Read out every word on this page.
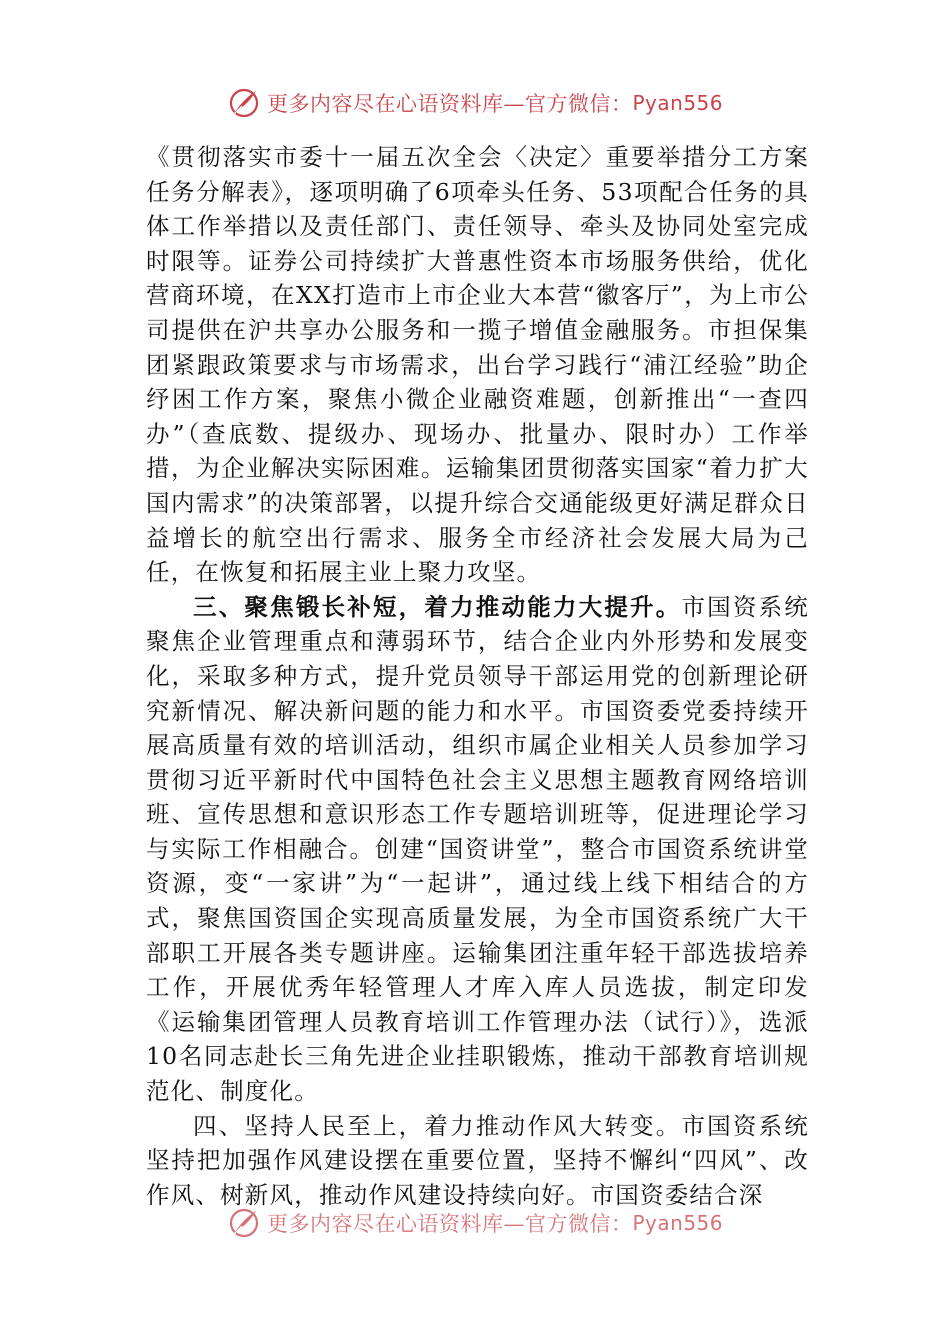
更多内容尽在心语资料库—官方微信： Pyan556

《贯彻落实市委十一届五次全会〈决定〉重要举措分工方案任务分解表》，逐项明确了6项牵头任务、53项配合任务的具体工作举措以及责任部门、责任领导、牵头及协同处室完成时限等。证券公司持续扩大普惠性资本市场服务供给，优化营商环境，在XX打造市上市企业大本营“徽客厅”，为上市公司提供在沪共享办公服务和一揽子增值金融服务。市担保集团紧跟政策要求与市场需求，出台学习践行“浦江经验”助企纾困工作方案，聚焦小微企业融资难题，创新推出“一查四办”（查底数、提级办、现场办、批量办、限时办）工作举措，为企业解决实际困难。运输集团贯彻落实国家“着力扩大国内需求”的决策部署，以提升综合交通能级更好满足群众日益增长的航空出行需求、服务全市经济社会发展大局为己任，在恢复和拓展主业上聚力攻坚。

三、聚焦锻长补短，着力推动能力大提升。市国资系统聚焦企业管理重点和薄弱环节，结合企业内外形势和发展变化，采取多种方式，提升党员领导干部运用党的创新理论研究新情况、解决新问题的能力和水平。市国资委党委持续开展高质量有效的培训活动，组织市属企业相关人员参加学习贯彻习近平新时代中国特色社会主义思想主题教育网络培训班、宣传思想和意识形态工作专题培训班等，促进理论学习与实际工作相融合。创建“国资讲堂”，整合市国资系统讲堂资源，变“一家讲”为“一起讲”，通过线上线下相结合的方式，聚焦国资国企实现高质量发展，为全市国资系统广大干部职工开展各类专题讲座。运输集团注重年轻干部选拔培养工作，开展优秀年轻管理人才库入库人员选拔，制定印发《运输集团管理人员教育培训工作管理办法（试行）》，选派10名同志赴长三角先进企业挂职锻炼，推动干部教育培训规范化、制度化。

四、坚持人民至上，着力推动作风大转变。市国资系统坚持把加强作风建设摆在重要位置，坚持不懈纠“四风”、改作风、树新风，推动作风建设持续向好。市国资委结合深

更多内容尽在心语资料库—官方微信： Pyan556
